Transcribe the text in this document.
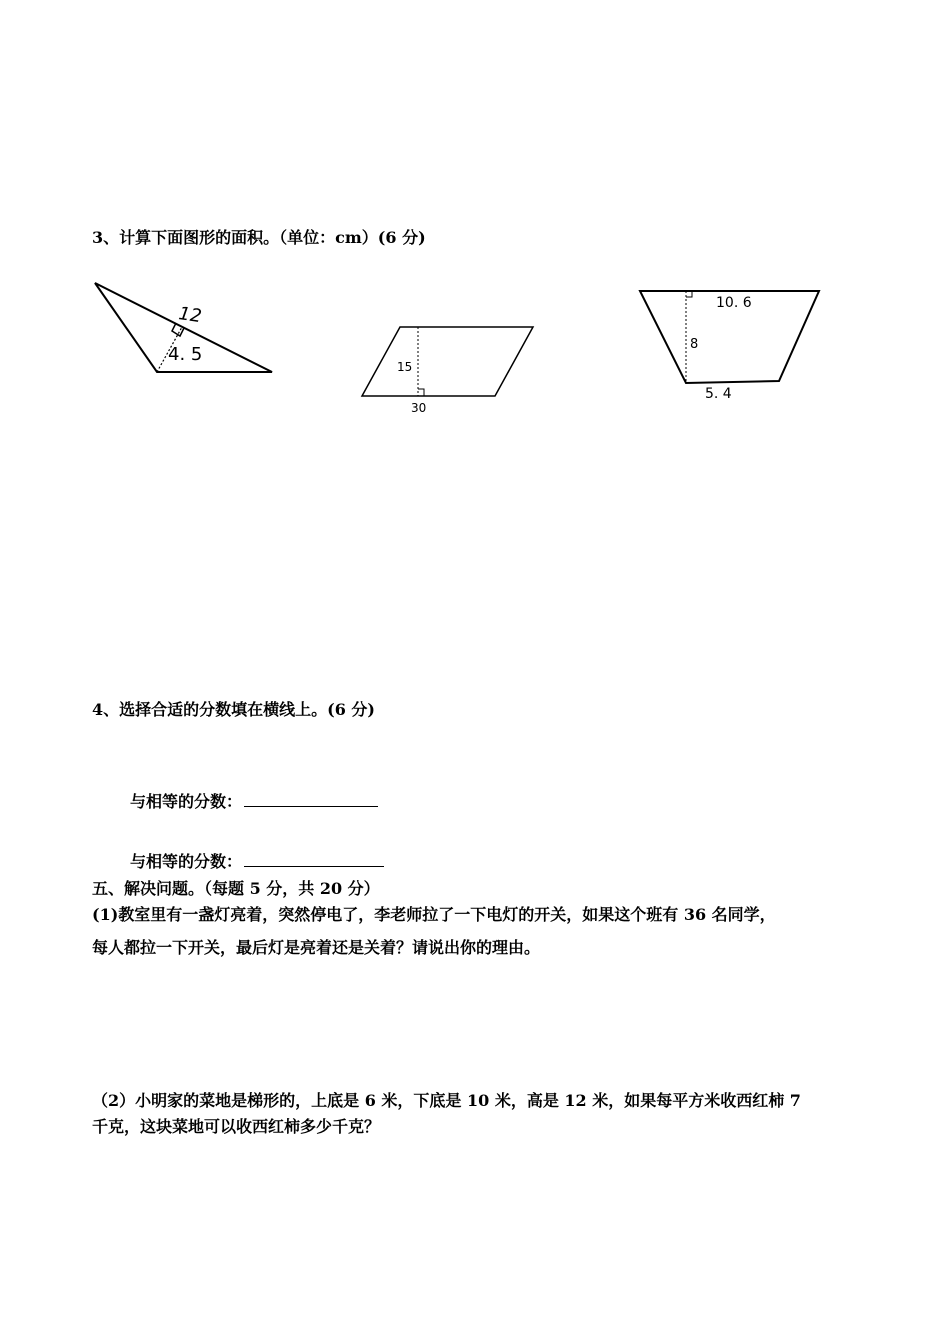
3、计算下面图形的面积。（单位：cm）(6 分)
12
4. 5
15
30
10. 6
8
5. 4
4、选择合适的分数填在横线上。(6 分)
与相等的分数：
与相等的分数：
五、解决问题。（每题 5 分，共 20 分）
(1)教室里有一盏灯亮着，突然停电了，李老师拉了一下电灯的开关，如果这个班有 36 名同学，
每人都拉一下开关，最后灯是亮着还是关着？请说出你的理由。
（2）小明家的菜地是梯形的，上底是 6 米，下底是 10 米，高是 12 米，如果每平方米收西红柿 7
千克，这块菜地可以收西红柿多少千克？
